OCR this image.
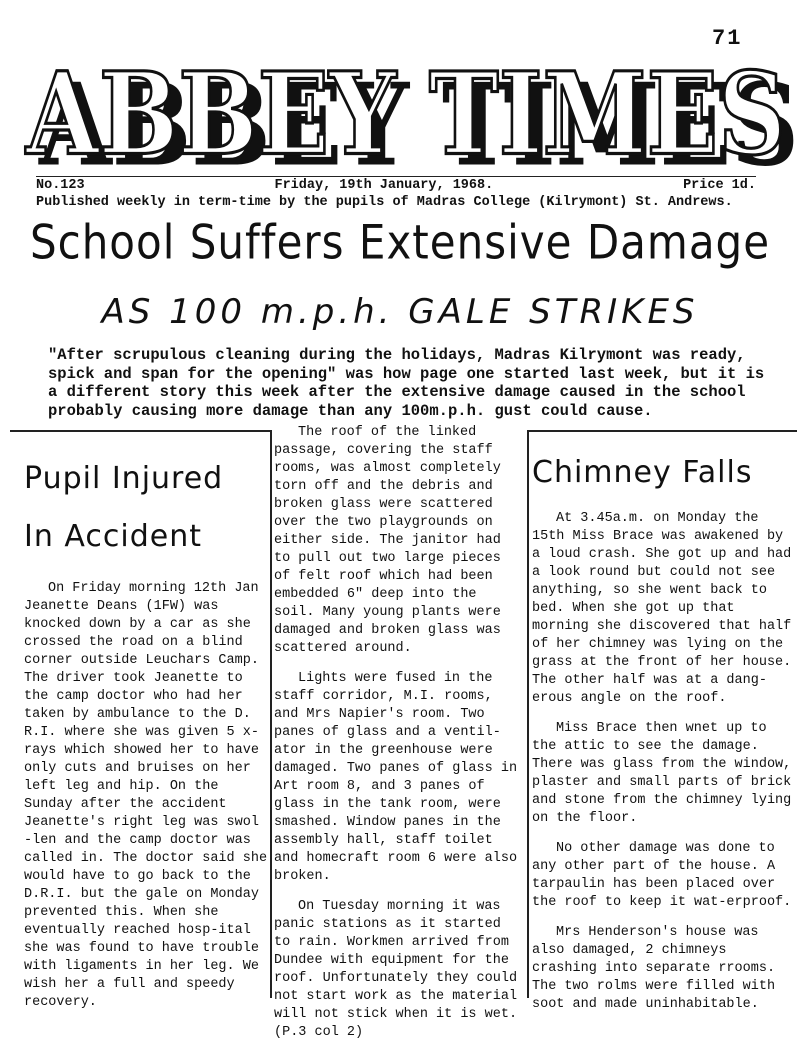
71
ABBEY TIMES
ABBEY TIMES
No.123	Friday, 19th January, 1968.	Price 1d.
Published weekly in term-time by the pupils of Madras College (Kilrymont) St. Andrews.
School Suffers Extensive Damage
AS 100 m.p.h. GALE STRIKES
"After scrupulous cleaning during the holidays, Madras Kilrymont was ready, spick and span for the opening" was how page one started last week, but it is a different story this week after the extensive damage caused in the school probably causing more damage than any 100m.p.h. gust could cause.
Pupil Injured
In Accident

On Friday morning 12th Jan Jeanette Deans (1FW) was knocked down by a car as she crossed the road on a blind corner outside Leuchars Camp. The driver took Jeanette to the camp doctor who had her taken by ambulance to the D. R.I. where she was given 5 x-rays which showed her to have only cuts and bruises on her left leg and hip. On the Sunday after the accident Jeanette's right leg was swol -len and the camp doctor was called in. The doctor said she would have to go back to the D.R.I. but the gale on Monday prevented this. When she eventually reached hosp-ital she was found to have trouble with ligaments in her leg. We wish her a full and speedy recovery.

The roof of the linked passage, covering the staff rooms, was almost completely torn off and the debris and broken glass were scattered over the two playgrounds on either side. The janitor had to pull out two large pieces of felt roof which had been embedded 6" deep into the soil. Many young plants were damaged and broken glass was scattered around.

Lights were fused in the staff corridor, M.I. rooms, and Mrs Napier's room. Two panes of glass and a ventil-ator in the greenhouse were damaged. Two panes of glass in Art room 8, and 3 panes of glass in the tank room, were smashed. Window panes in the assembly hall, staff toilet and homecraft room 6 were also broken.

On Tuesday morning it was panic stations as it started to rain. Workmen arrived from Dundee with equipment for the roof. Unfortunately they could not start work as the material will not stick when it is wet. (P.3 col 2)

Chimney Falls

At 3.45a.m. on Monday the 15th Miss Brace was awakened by a loud crash. She got up and had a look round but could not see anything, so she went back to bed. When she got up that morning she discovered that half of her chimney was lying on the grass at the front of her house. The other half was at a dang-erous angle on the roof.

Miss Brace then wnet up to the attic to see the damage. There was glass from the window, plaster and small parts of brick and stone from the chimney lying on the floor.

No other damage was done to any other part of the house. A tarpaulin has been placed over the roof to keep it wat-erproof.

Mrs Henderson's house was also damaged, 2 chimneys crashing into separate rrooms. The two rolms were filled with soot and made uninhabitable.
